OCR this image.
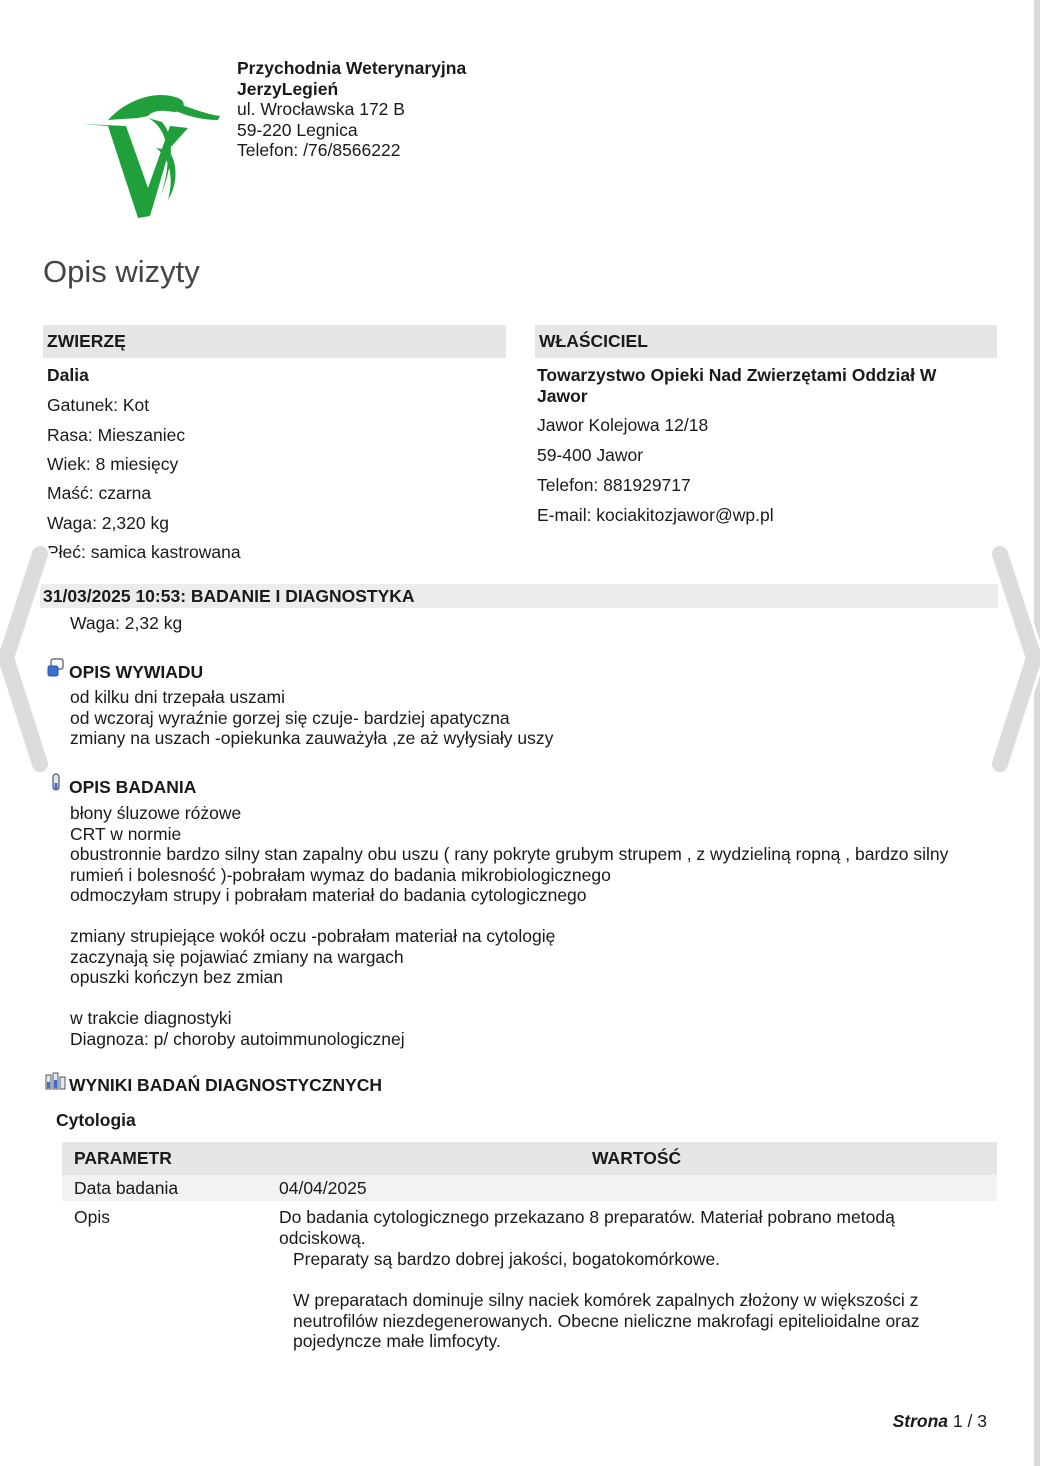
Przychodnia Weterynaryjna
JerzyLegień
ul. Wrocławska 172 B
59-220 Legnica
Telefon: /76/8566222
Opis wizyty
ZWIERZĘ
Dalia
Gatunek: Kot
Rasa: Mieszaniec
Wiek: 8 miesięcy
Maść: czarna
Waga: 2,320 kg
Płeć: samica kastrowana
WŁAŚCICIEL
Towarzystwo Opieki Nad Zwierzętami Oddział W Jawor
Jawor Kolejowa 12/18
59-400 Jawor
Telefon: 881929717
E-mail: kociakitozjawor@wp.pl
31/03/2025 10:53: BADANIE I DIAGNOSTYKA
Waga: 2,32 kg
OPIS WYWIADU
od kilku dni trzepała uszami
od wczoraj wyraźnie gorzej się czuje- bardziej apatyczna
zmiany na uszach -opiekunka zauważyła ,ze aż wyłysiały uszy
OPIS BADANIA
błony śluzowe różowe
CRT w normie
obustronnie bardzo silny stan zapalny obu uszu ( rany pokryte grubym strupem , z wydzieliną ropną , bardzo silny
rumień i bolesność )-pobrałam wymaz do badania mikrobiologicznego
odmoczyłam strupy i pobrałam materiał do badania cytologicznego

zmiany strupiejące wokół oczu -pobrałam materiał na cytologię
zaczynają się pojawiać zmiany na wargach
opuszki kończyn bez zmian

w trakcie diagnostyki
Diagnoza: p/ choroby autoimmunologicznej
WYNIKI BADAŃ DIAGNOSTYCZNYCH
Cytologia
PARAMETR	WARTOŚĆ
Data badania	04/04/2025
Opis	Do badania cytologicznego przekazano 8 preparatów. Materiał pobrano metodą
odciskową.
Preparaty są bardzo dobrej jakości, bogatokomórkowe.
W preparatach dominuje silny naciek komórek zapalnych złożony w większości z
neutrofilów niezdegenerowanych. Obecne nieliczne makrofagi epitelioidalne oraz
pojedyncze małe limfocyty.
Strona 1 / 3
